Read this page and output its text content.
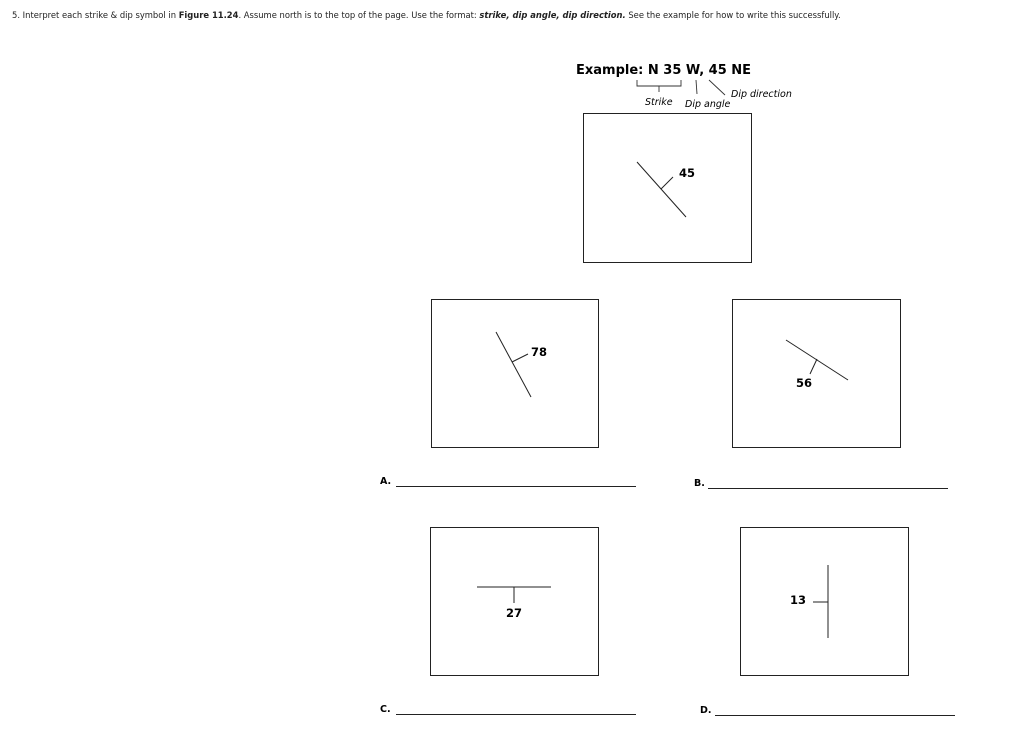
5. Interpret each strike & dip symbol in Figure 11.24. Assume north is to the top of the page. Use the format: strike, dip angle, dip direction. See the example for how to write this successfully.
Example: N 35 W, 45 NE
Strike Dip angle
Dip direction
45
78
56
A.	B.
27
13
C.	D.
